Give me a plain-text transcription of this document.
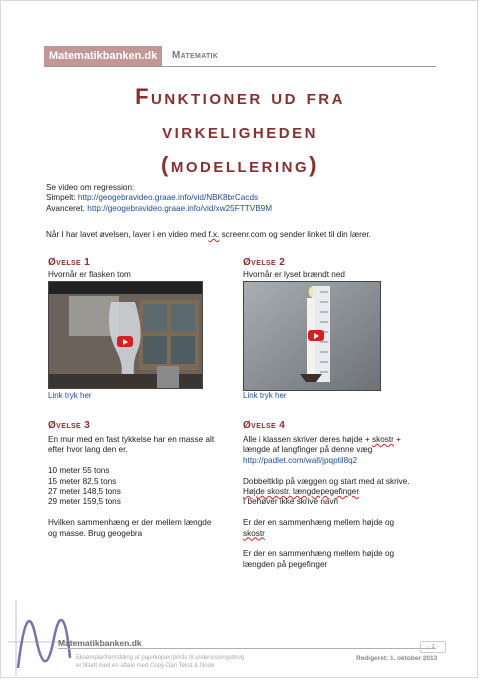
Matematikbanken.dk	Matematik
Funktioner ud fra
virkeligheden
(modellering)
Se video om regression:
Simpelt: http://geogebravideo.graae.info/vid/NBK8brCacds
Avanceret. http://geogebravideo.graae.info/vid/xw25FTTVB9M
Når I har lavet øvelsen, laver i en video med f.x. screenr.com og sender linket til din lærer.
Øvelse 1
Hvornår er flasken tom
Link tryk her
Øvelse 2
Hvornår er lyset brændt ned
Link tryk her
Øvelse 3
En mur med en fast tykkelse har en masse alt
efter hvor lang den er.
10 meter 55 tons
15 meter 82,5 tons
27 meter 148,5 tons
29 meter 159,5 tons
Hvilken sammenhæng er der mellem længde
og masse. Brug geogebra
Øvelse 4
Alle i klassen skriver deres højde + skostr +
længde af langfinger på denne væg
http://padlet.com/wall/jpqptil8q2
Dobbeltklip på væggen og start med at skrive.
Højde skostr. længdepegefinger
I behøver ikke skrive navn
Er der en sammenhæng mellem højde og
skostr
Er der en sammenhæng mellem højde og
længden på pegefinger
Matematikbanken.dk	- 1 -
Eksemplarfremstilling af papirkopier/prints til undervisningsbrug
er tilladt med en aftale med Copy-Dan Tekst & Node
Redigeret: 1. oktober 2013
